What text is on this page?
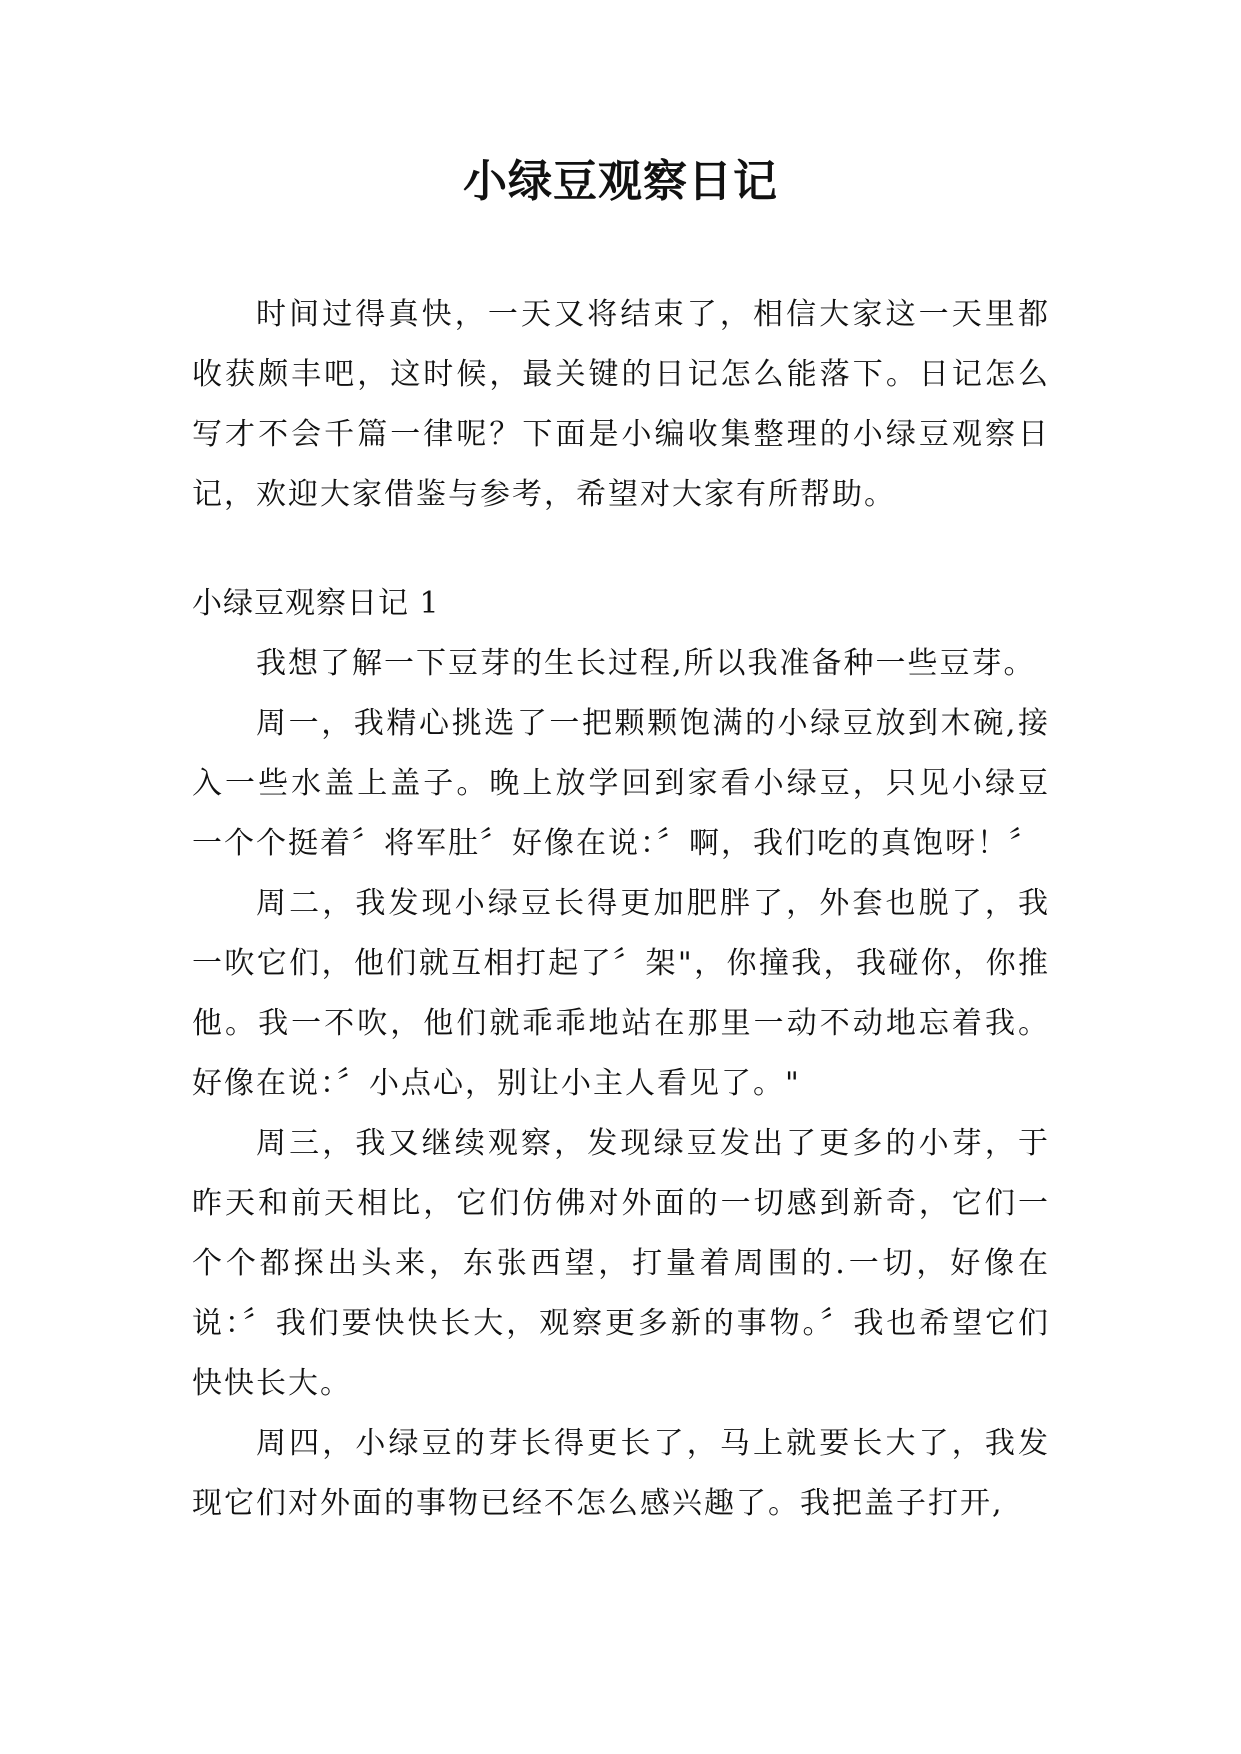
小绿豆观察日记

时间过得真快，一天又将结束了，相信大家这一天里都收获颇丰吧，这时候，最关键的日记怎么能落下。日记怎么写才不会千篇一律呢？下面是小编收集整理的小绿豆观察日记，欢迎大家借鉴与参考，希望对大家有所帮助。

小绿豆观察日记 1

我想了解一下豆芽的生长过程,所以我准备种一些豆芽。

周一，我精心挑选了一把颗颗饱满的小绿豆放到木碗,接入一些水盖上盖子。晚上放学回到家看小绿豆，只见小绿豆一个个挺着〞将军肚〞好像在说：〞啊，我们吃的真饱呀！〞

周二，我发现小绿豆长得更加肥胖了，外套也脱了，我一吹它们，他们就互相打起了〞架"，你撞我，我碰你，你推他。我一不吹，他们就乖乖地站在那里一动不动地忘着我。好像在说：〞小点心，别让小主人看见了。"

周三，我又继续观察，发现绿豆发出了更多的小芽，于昨天和前天相比，它们仿佛对外面的一切感到新奇，它们一个个都探出头来，东张西望，打量着周围的.一切，好像在说：〞我们要快快长大，观察更多新的事物。〞我也希望它们快快长大。

周四，小绿豆的芽长得更长了，马上就要长大了，我发现它们对外面的事物已经不怎么感兴趣了。我把盖子打开,
